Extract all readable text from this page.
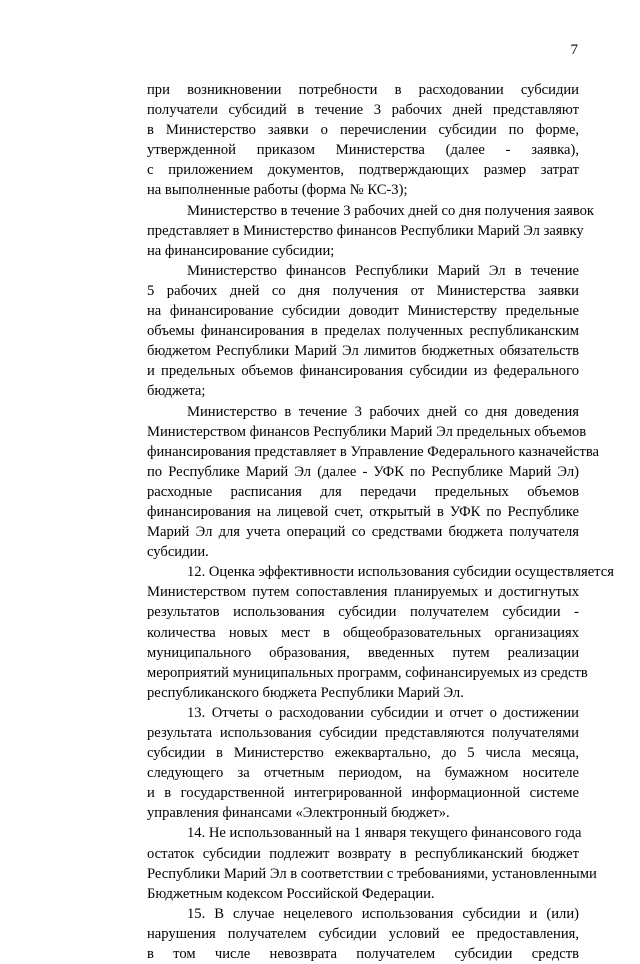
7
при возникновении потребности в расходовании субсидии
получатели субсидий в течение 3 рабочих дней представляют
в Министерство заявки о перечислении субсидии по форме,
утвержденной приказом Министерства (далее - заявка),
с приложением документов, подтверждающих размер затрат
на выполненные работы (форма № КС-3);
Министерство в течение 3 рабочих дней со дня получения заявок
представляет в Министерство финансов Республики Марий Эл заявку
на финансирование субсидии;
Министерство финансов Республики Марий Эл в течение
5 рабочих дней со дня получения от Министерства заявки
на финансирование субсидии доводит Министерству предельные
объемы финансирования в пределах полученных республиканским
бюджетом Республики Марий Эл лимитов бюджетных обязательств
и предельных объемов финансирования субсидии из федерального
бюджета;
Министерство в течение 3 рабочих дней со дня доведения
Министерством финансов Республики Марий Эл предельных объемов
финансирования представляет в Управление Федерального казначейства
по Республике Марий Эл (далее - УФК по Республике Марий Эл)
расходные расписания для передачи предельных объемов
финансирования на лицевой счет, открытый в УФК по Республике
Марий Эл для учета операций со средствами бюджета получателя
субсидии.
12. Оценка эффективности использования субсидии осуществляется
Министерством путем сопоставления планируемых и достигнутых
результатов использования субсидии получателем субсидии -
количества новых мест в общеобразовательных организациях
муниципального образования, введенных путем реализации
мероприятий муниципальных программ, софинансируемых из средств
республиканского бюджета Республики Марий Эл.
13. Отчеты о расходовании субсидии и отчет о достижении
результата использования субсидии представляются получателями
субсидии в Министерство ежеквартально, до 5 числа месяца,
следующего за отчетным периодом, на бумажном носителе
и в государственной интегрированной информационной системе
управления финансами «Электронный бюджет».
14. Не использованный на 1 января текущего финансового года
остаток субсидии подлежит возврату в республиканский бюджет
Республики Марий Эл в соответствии с требованиями, установленными
Бюджетным кодексом Российской Федерации.
15. В случае нецелевого использования субсидии и (или)
нарушения получателем субсидии условий ее предоставления,
в том числе невозврата получателем субсидии средств
